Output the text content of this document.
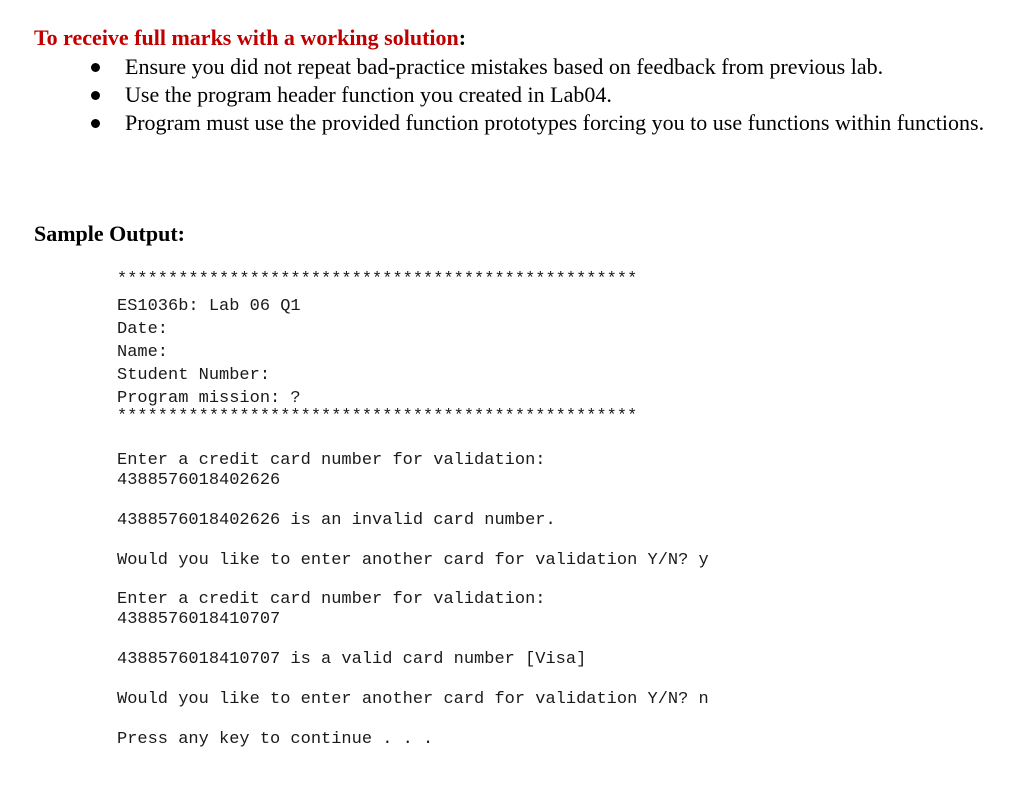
To receive full marks with a working solution:
Ensure you did not repeat bad-practice mistakes based on feedback from previous lab.
Use the program header function you created in Lab04.
Program must use the provided function prototypes forcing you to use functions within functions.
Sample Output:
***************************************************
ES1036b: Lab 06 Q1
Date:
Name:
Student Number:
Program mission: ?
***************************************************
Enter a credit card number for validation:
4388576018402626
4388576018402626 is an invalid card number.
Would you like to enter another card for validation Y/N? y
Enter a credit card number for validation:
4388576018410707
4388576018410707 is a valid card number [Visa]
Would you like to enter another card for validation Y/N? n
Press any key to continue . . .
